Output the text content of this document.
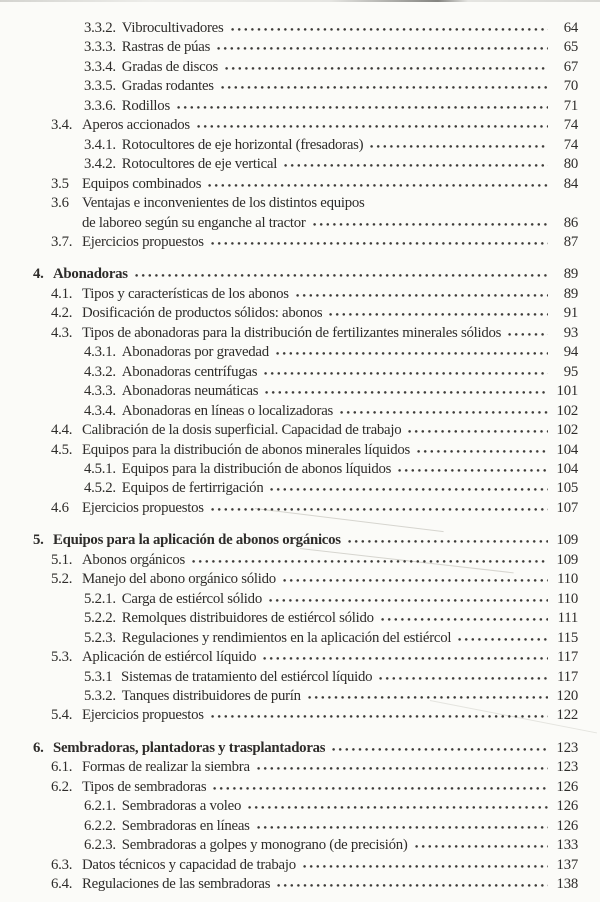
3.3.2. Vibrocultivadores	64
3.3.3. Rastras de púas	65
3.3.4. Gradas de discos	67
3.3.5. Gradas rodantes	70
3.3.6. Rodillos	71
3.4. Aperos accionados	74
3.4.1. Rotocultores de eje horizontal (fresadoras)	74
3.4.2. Rotocultores de eje vertical	80
3.5 Equipos combinados	84
3.6 Ventajas e inconvenientes de los distintos equipos
de laboreo según su enganche al tractor	86
3.7. Ejercicios propuestos	87
4. Abonadoras	89
4.1. Tipos y características de los abonos	89
4.2. Dosificación de productos sólidos: abonos	91
4.3. Tipos de abonadoras para la distribución de fertilizantes minerales sólidos	93
4.3.1. Abonadoras por gravedad	94
4.3.2. Abonadoras centrífugas	95
4.3.3. Abonadoras neumáticas	101
4.3.4. Abonadoras en líneas o localizadoras	102
4.4. Calibración de la dosis superficial. Capacidad de trabajo	102
4.5. Equipos para la distribución de abonos minerales líquidos	104
4.5.1. Equipos para la distribución de abonos líquidos	104
4.5.2. Equipos de fertirrigación	105
4.6 Ejercicios propuestos	107
5. Equipos para la aplicación de abonos orgánicos	109
5.1. Abonos orgánicos	109
5.2. Manejo del abono orgánico sólido	110
5.2.1. Carga de estiércol sólido	110
5.2.2. Remolques distribuidores de estiércol sólido	111
5.2.3. Regulaciones y rendimientos en la aplicación del estiércol	115
5.3. Aplicación de estiércol líquido	117
5.3.1 Sistemas de tratamiento del estiércol líquido	117
5.3.2. Tanques distribuidores de purín	120
5.4. Ejercicios propuestos	122
6. Sembradoras, plantadoras y trasplantadoras	123
6.1. Formas de realizar la siembra	123
6.2. Tipos de sembradoras	126
6.2.1. Sembradoras a voleo	126
6.2.2. Sembradoras en líneas	126
6.2.3. Sembradoras a golpes y monograno (de precisión)	133
6.3. Datos técnicos y capacidad de trabajo	137
6.4. Regulaciones de las sembradoras	138
